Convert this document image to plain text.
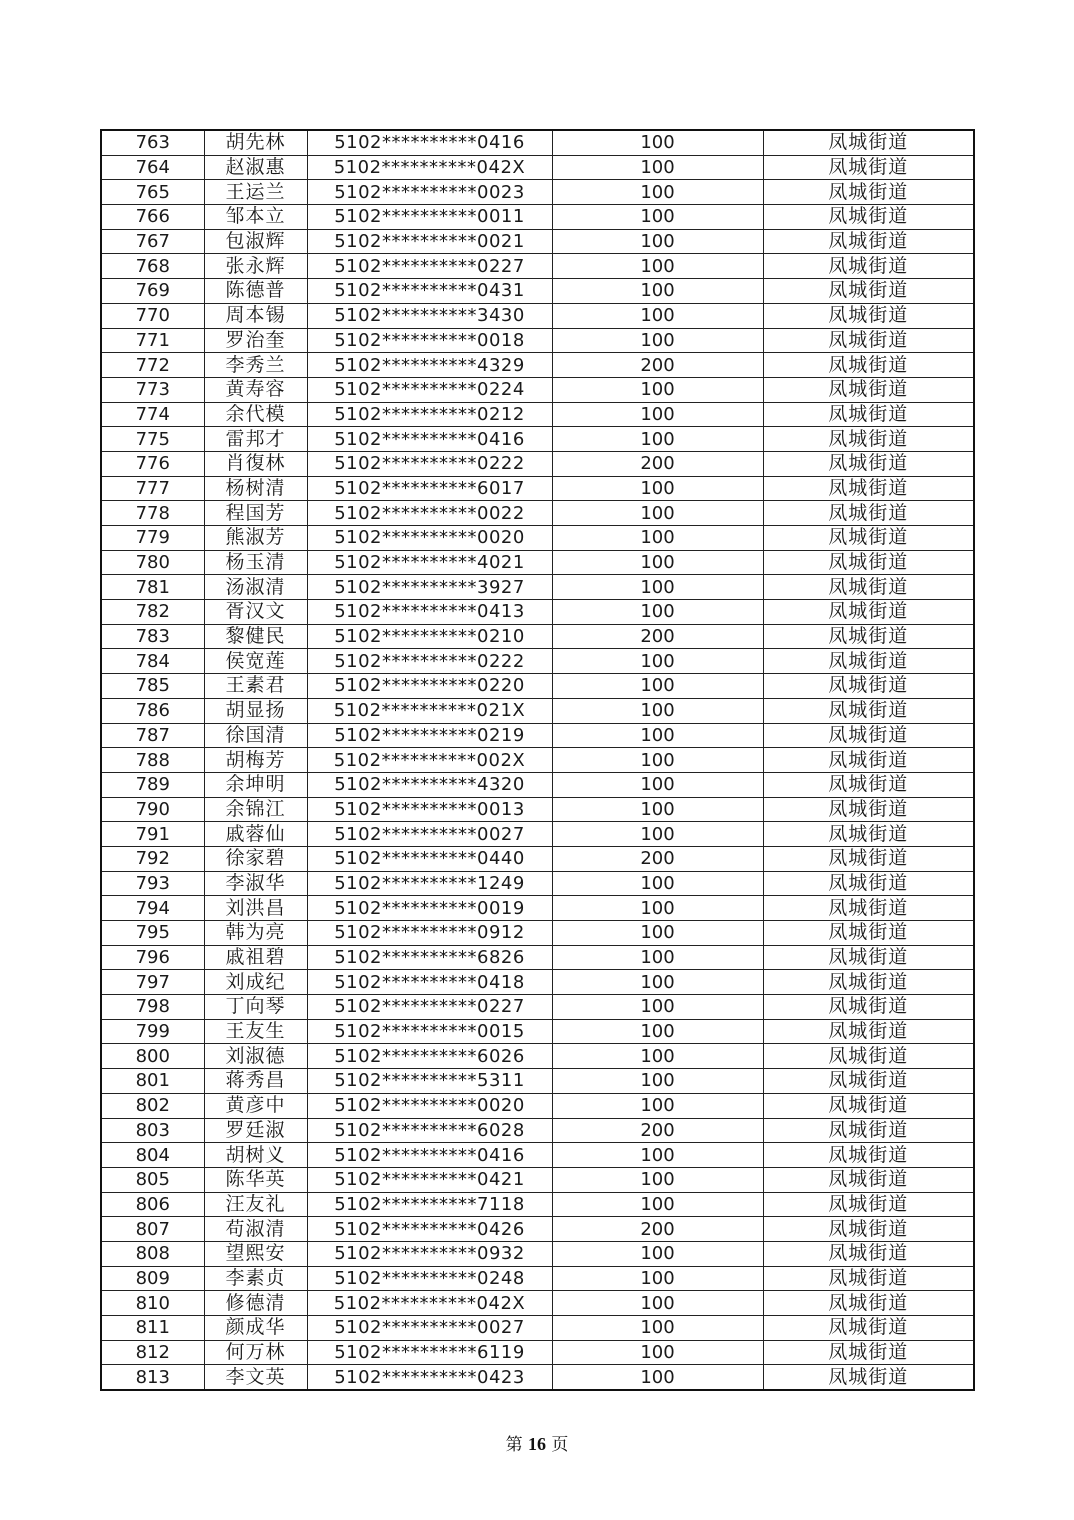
763	胡先林	5102**********0416	100	凤城街道
764	赵淑惠	5102**********042X	100	凤城街道
765	王运兰	5102**********0023	100	凤城街道
766	邹本立	5102**********0011	100	凤城街道
767	包淑辉	5102**********0021	100	凤城街道
768	张永辉	5102**********0227	100	凤城街道
769	陈德普	5102**********0431	100	凤城街道
770	周本锡	5102**********3430	100	凤城街道
771	罗治奎	5102**********0018	100	凤城街道
772	李秀兰	5102**********4329	200	凤城街道
773	黄寿容	5102**********0224	100	凤城街道
774	余代模	5102**********0212	100	凤城街道
775	雷邦才	5102**********0416	100	凤城街道
776	肖復林	5102**********0222	200	凤城街道
777	杨树清	5102**********6017	100	凤城街道
778	程国芳	5102**********0022	100	凤城街道
779	熊淑芳	5102**********0020	100	凤城街道
780	杨玉清	5102**********4021	100	凤城街道
781	汤淑清	5102**********3927	100	凤城街道
782	胥汉文	5102**********0413	100	凤城街道
783	黎健民	5102**********0210	200	凤城街道
784	侯宽莲	5102**********0222	100	凤城街道
785	王素君	5102**********0220	100	凤城街道
786	胡显扬	5102**********021X	100	凤城街道
787	徐国清	5102**********0219	100	凤城街道
788	胡梅芳	5102**********002X	100	凤城街道
789	余坤明	5102**********4320	100	凤城街道
790	余锦江	5102**********0013	100	凤城街道
791	戚蓉仙	5102**********0027	100	凤城街道
792	徐家碧	5102**********0440	200	凤城街道
793	李淑华	5102**********1249	100	凤城街道
794	刘洪昌	5102**********0019	100	凤城街道
795	韩为亮	5102**********0912	100	凤城街道
796	戚祖碧	5102**********6826	100	凤城街道
797	刘成纪	5102**********0418	100	凤城街道
798	丁向琴	5102**********0227	100	凤城街道
799	王友生	5102**********0015	100	凤城街道
800	刘淑德	5102**********6026	100	凤城街道
801	蒋秀昌	5102**********5311	100	凤城街道
802	黄彦中	5102**********0020	100	凤城街道
803	罗廷淑	5102**********6028	200	凤城街道
804	胡树义	5102**********0416	100	凤城街道
805	陈华英	5102**********0421	100	凤城街道
806	汪友礼	5102**********7118	100	凤城街道
807	苟淑清	5102**********0426	200	凤城街道
808	望熙安	5102**********0932	100	凤城街道
809	李素贞	5102**********0248	100	凤城街道
810	修德清	5102**********042X	100	凤城街道
811	颜成华	5102**********0027	100	凤城街道
812	何万林	5102**********6119	100	凤城街道
813	李文英	5102**********0423	100	凤城街道
第 16 页
